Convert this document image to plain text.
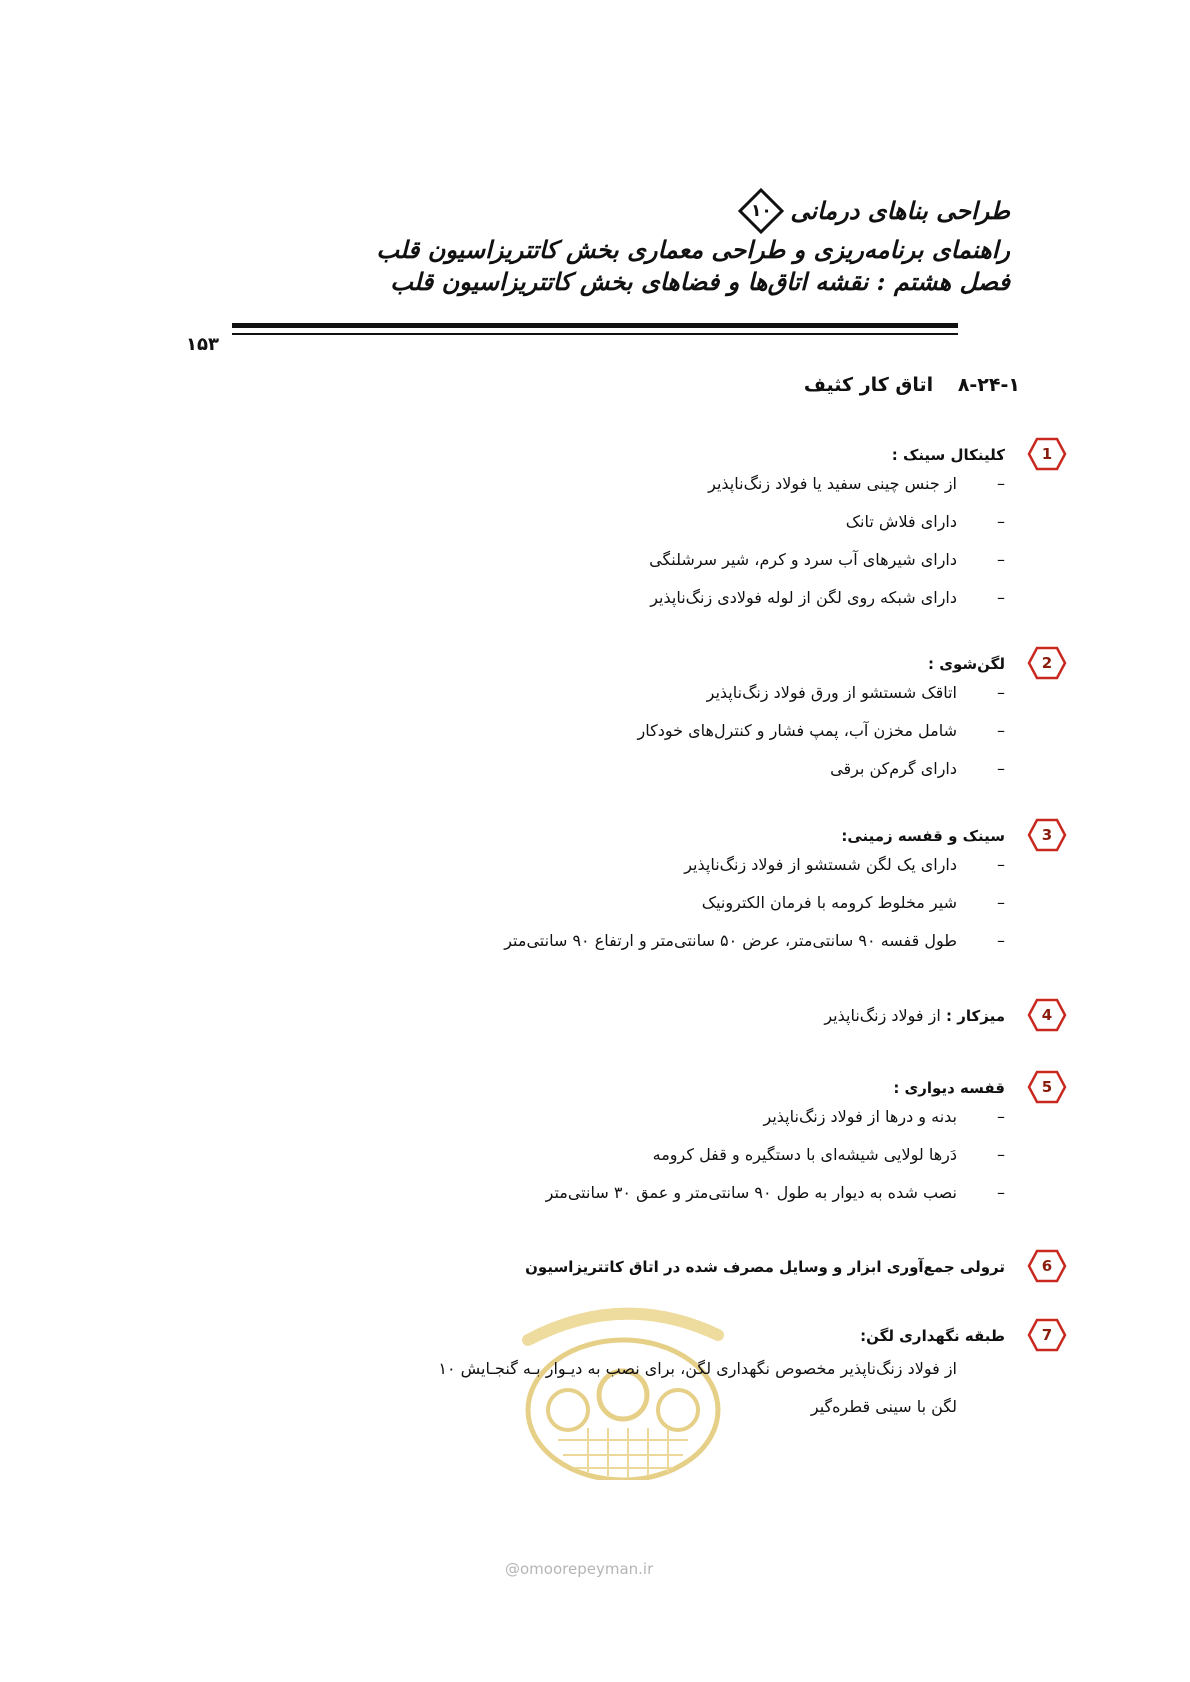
طراحی بناهای درمانی
۱۰
راهنمای برنامه‌ریزی و طراحی معماری بخش کاتتریزاسیون قلب
فصل هشتم : نقشه اتاق‌ها و فضاهای بخش کاتتریزاسیون قلب
۱۵۳
۸-۲۴-۱ اتاق کار کثیف
1
کلینکال سینک :
– از جنس چینی سفید یا فولاد زنگ‌ناپذیر
– دارای فلاش تانک
– دارای شیرهای آب سرد و کرم، شیر سرشلنگی
– دارای شبکه روی لگن از لوله فولادی زنگ‌ناپذیر
2
لگن‌شوی :
– اتاقک شستشو از ورق فولاد زنگ‌ناپذیر
– شامل مخزن آب، پمپ فشار و کنترل‌های خودکار
– دارای گرم‌کن برقی
3
سینک و قفسه زمینی:
– دارای یک لگن شستشو از فولاد زنگ‌ناپذیر
– شیر مخلوط کرومه با فرمان الکترونیک
– طول قفسه ۹۰ سانتی‌متر، عرض ۵۰ سانتی‌متر و ارتفاع ۹۰ سانتی‌متر
4
میزکار : از فولاد زنگ‌ناپذیر
5
قفسه دیواری :
– بدنه و درها از فولاد زنگ‌ناپذیر
– دَرها لولایی شیشه‌ای با دستگیره و قفل کرومه
– نصب شده به دیوار به طول ۹۰ سانتی‌متر و عمق ۳۰ سانتی‌متر
6
ترولی جمع‌آوری ابزار و وسایل مصرف شده در اتاق کاتتریزاسیون
7
طبقه نگهداری لگن:
از فولاد زنگ‌ناپذیر مخصوص نگهداری لگن، برای نصب به دیـوار بـه گنجـایش ۱۰
لگن با سینی قطره‌گیر
@omoorepeyman.ir
